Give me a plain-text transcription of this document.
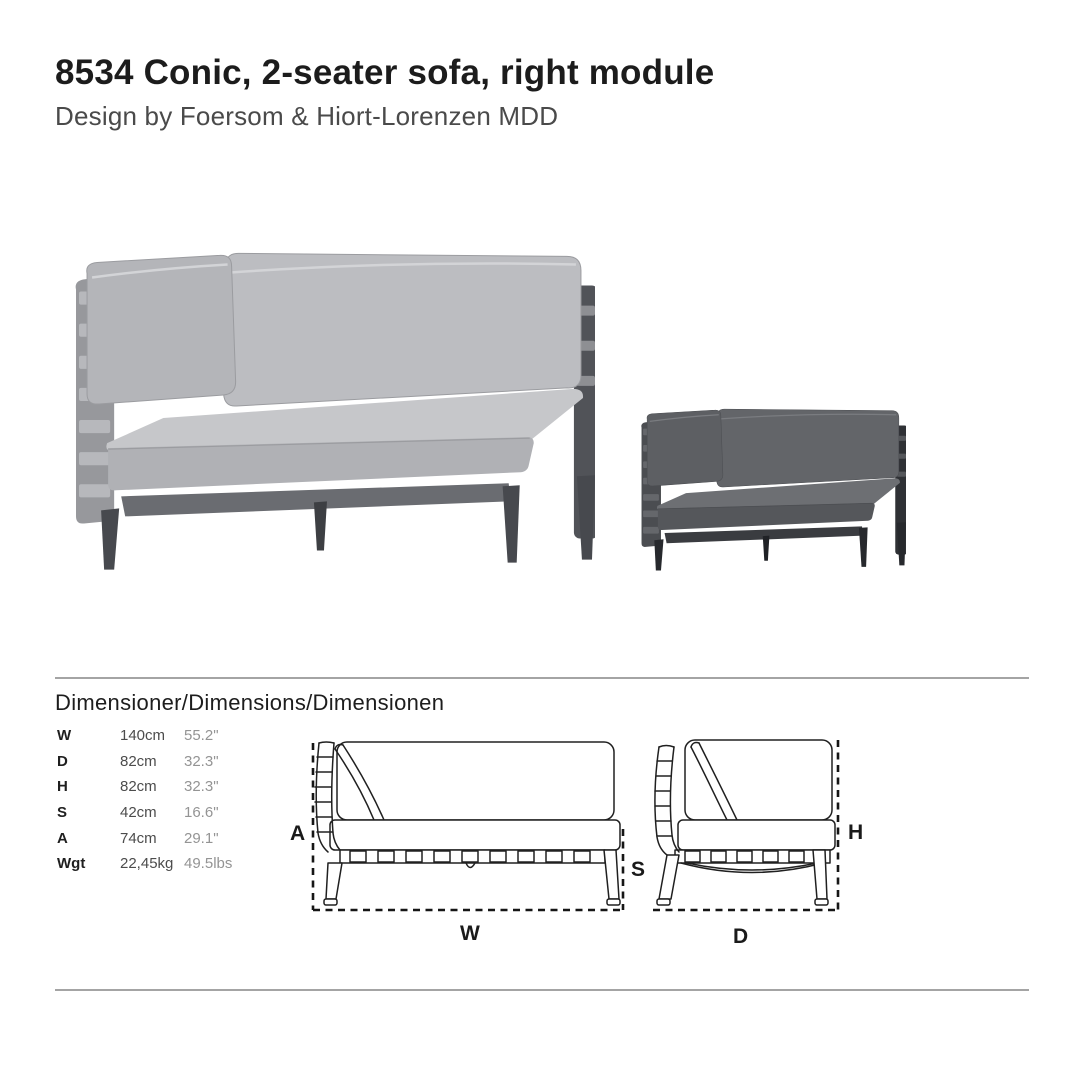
8534 Conic, 2-seater sofa, right module

Design by Foersom & Hiort-Lorenzen MDD

Dimensioner/Dimensions/Dimensionen
W	140cm	55.2"
D	82cm	32.3"
H	82cm	32.3"
S	42cm	16.6"
A	74cm	29.1"
Wgt	22,45kg 49.5lbs
A
W
S
H
D
